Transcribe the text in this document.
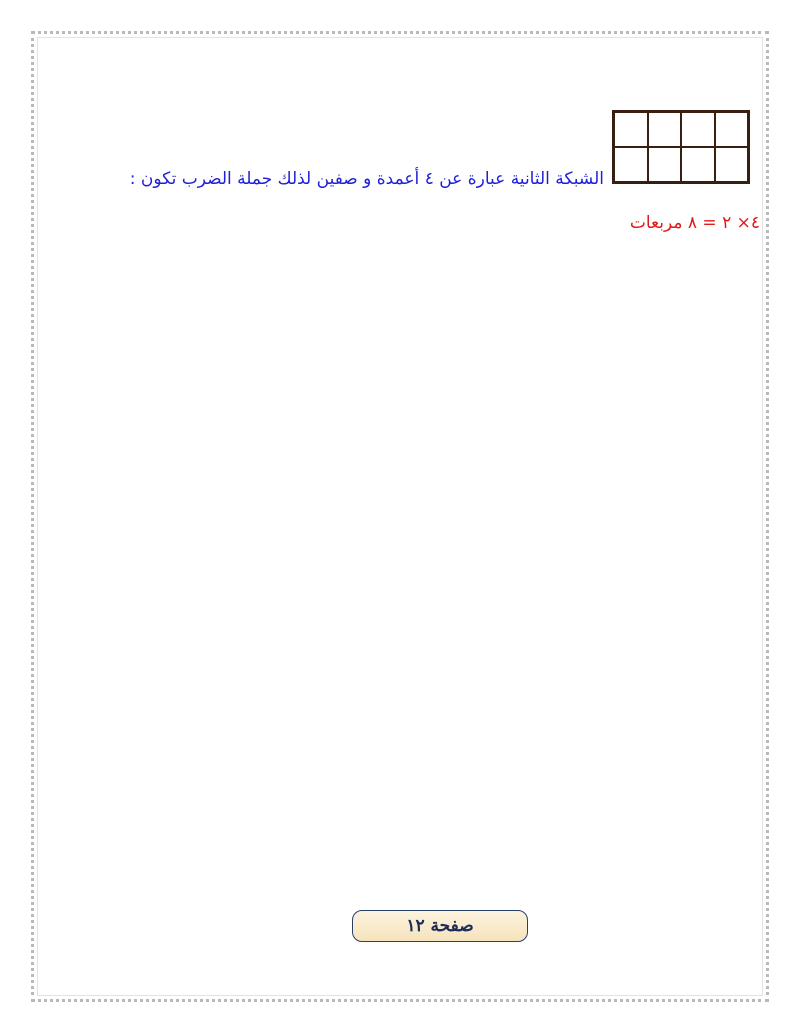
الشبكة الثانية عبارة عن ٤ أعمدة و صفين لذلك جملة الضرب تكون :
٤× ٢ = ٨ مربعات
صفحة ١٢
